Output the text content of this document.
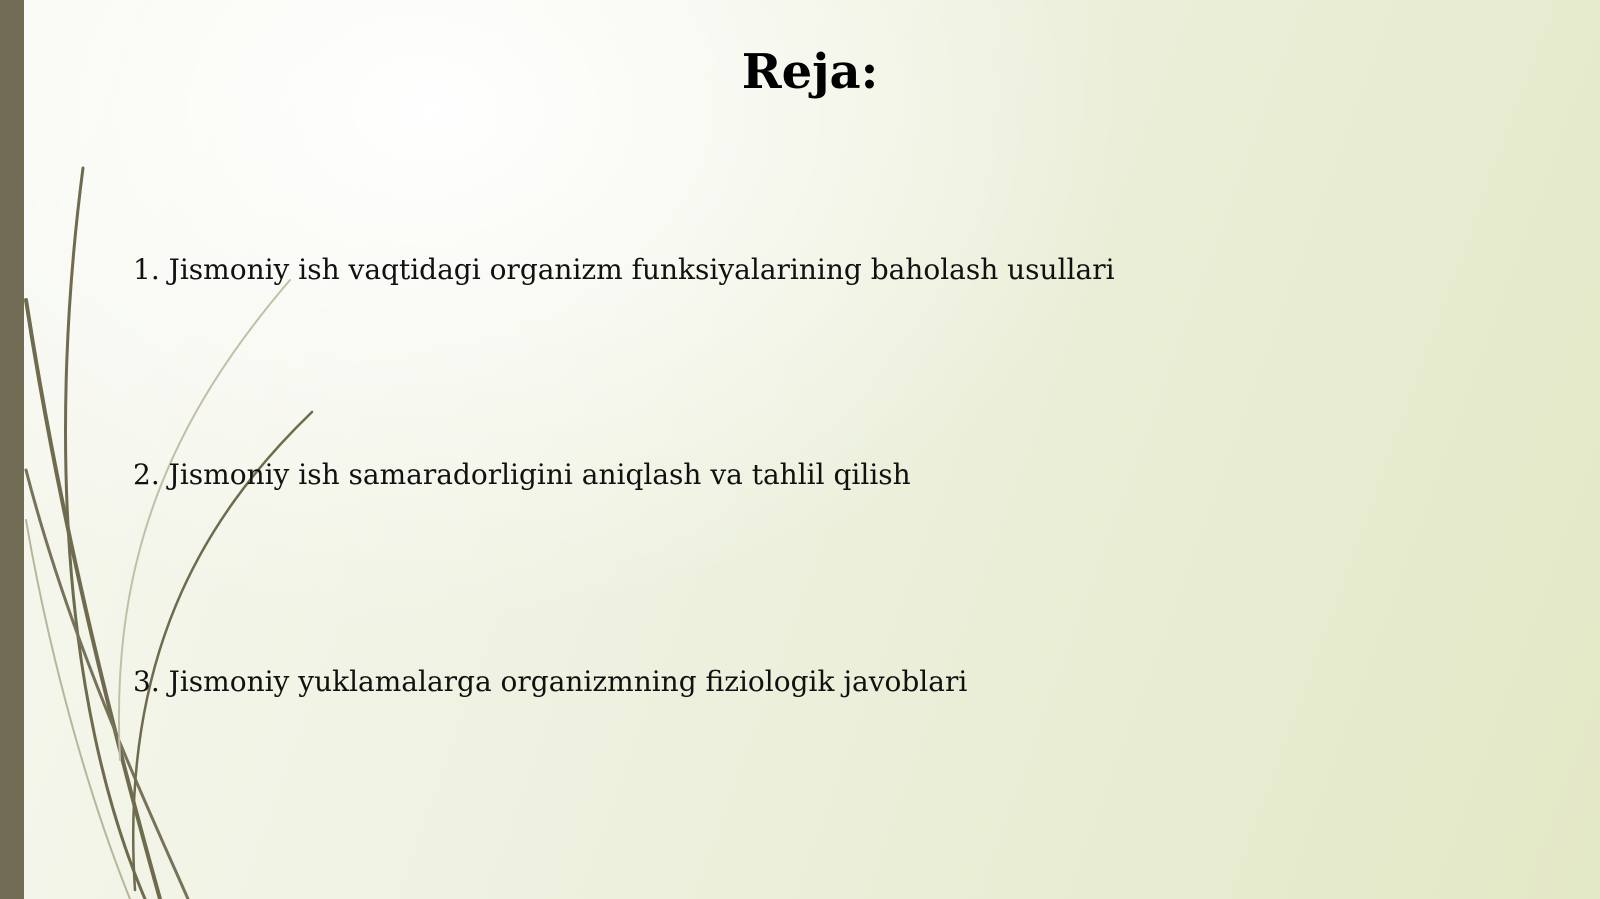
Reja:

1. Jismoniy ish vaqtidagi organizm funksiyalarining baholash usullari

2. Jismoniy ish samaradorligini aniqlash va tahlil qilish

3. Jismoniy yuklamalarga organizmning fiziologik javoblari
